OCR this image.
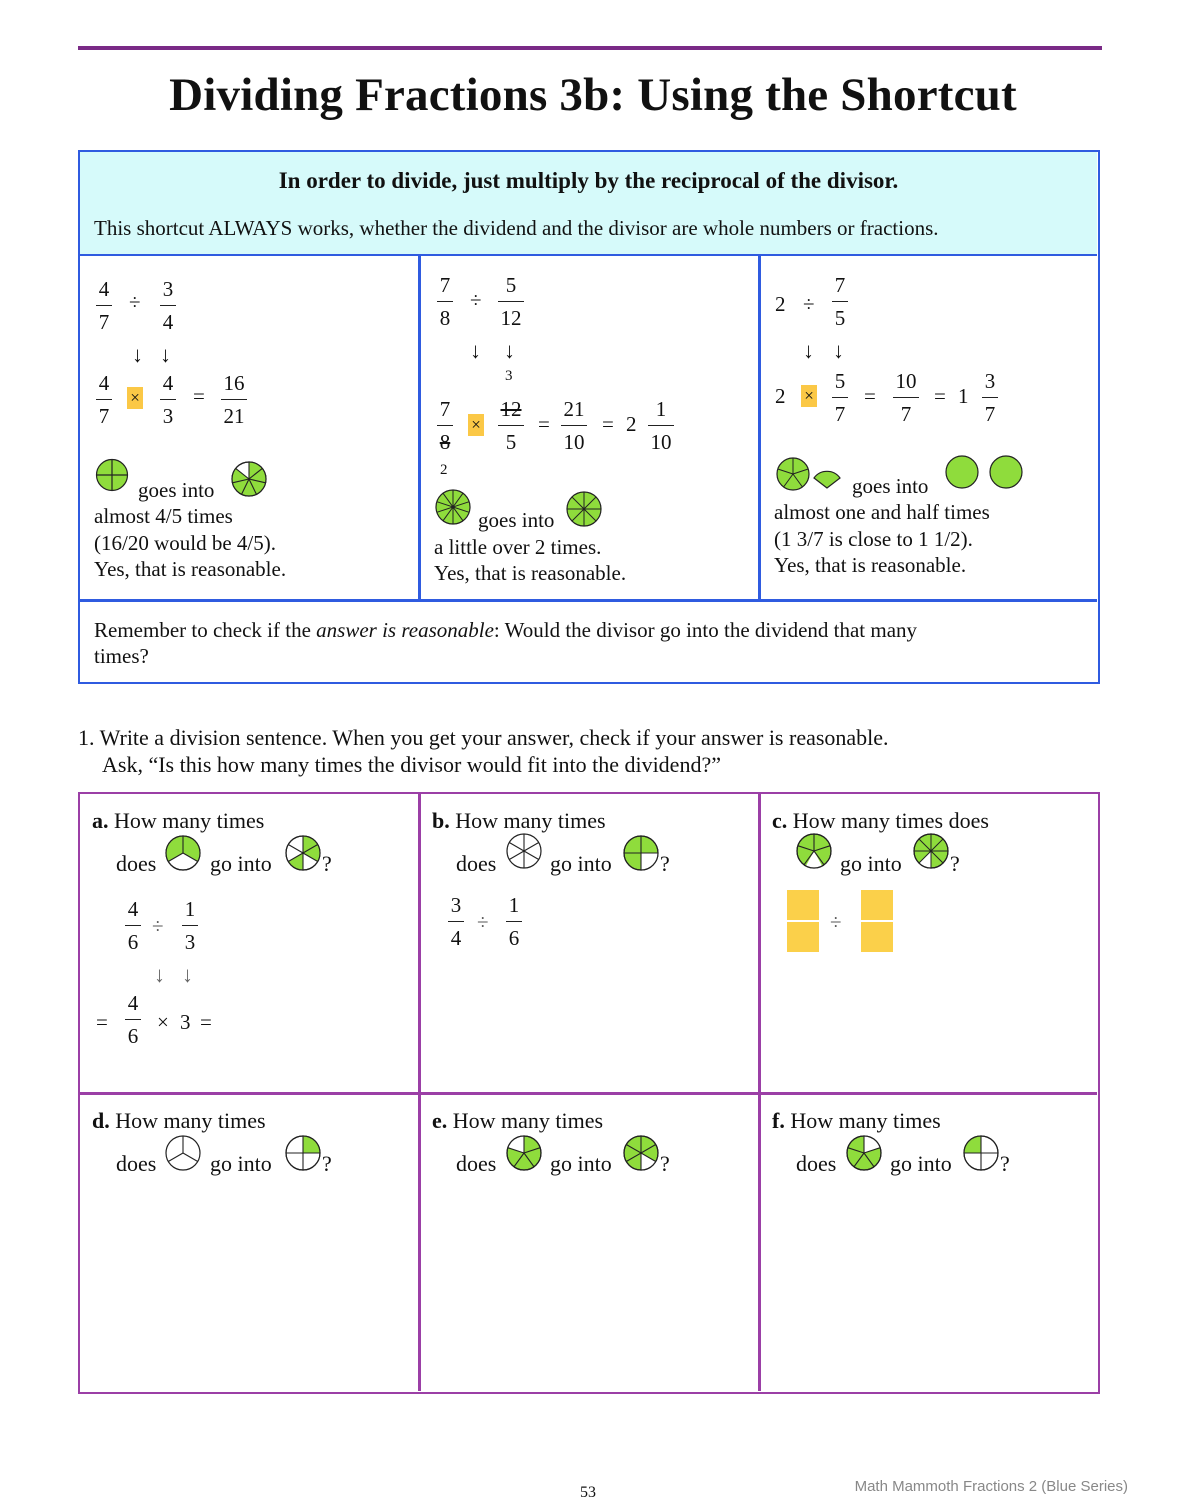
Dividing Fractions 3b: Using the Shortcut
In order to divide, just multiply by the reciprocal of the divisor.
This shortcut ALWAYS works, whether the dividend and the divisor are whole numbers or fractions.
Remember to check if the answer is reasonable: Would the divisor go into the dividend that many
times?
4
7
÷
3
4
↓ ↓
4
7
×
4
3
=
16
21
goes into
almost 4/5 times
(16/20 would be 4/5).
Yes, that is reasonable.
7
8
÷
5
12
↓ ↓
3
7
8
2
×
12
5
=
21
10
= 2
1
10
goes into
a little over 2 times.
Yes, that is reasonable.
2 ÷
7
5
↓ ↓
2 ×
5
7
=
10
7
= 1
3
7
goes into
almost one and half times
(1 3/7 is close to 1 1/2).
Yes, that is reasonable.
1. Write a division sentence. When you get your answer, check if your answer is reasonable.
Ask, “Is this how many times the divisor would fit into the dividend?”
a. How many times
does go into ?
4
6
÷
1
3
↓ ↓
=
4
6
× 3 =
b. How many times
does go into ?
3
4
÷
1
6
c. How many times does
go into ?
÷
d. How many times
does go into ?
e. How many times
does go into ?
f. How many times
does go into ?
53	Math Mammoth Fractions 2 (Blue Series)
